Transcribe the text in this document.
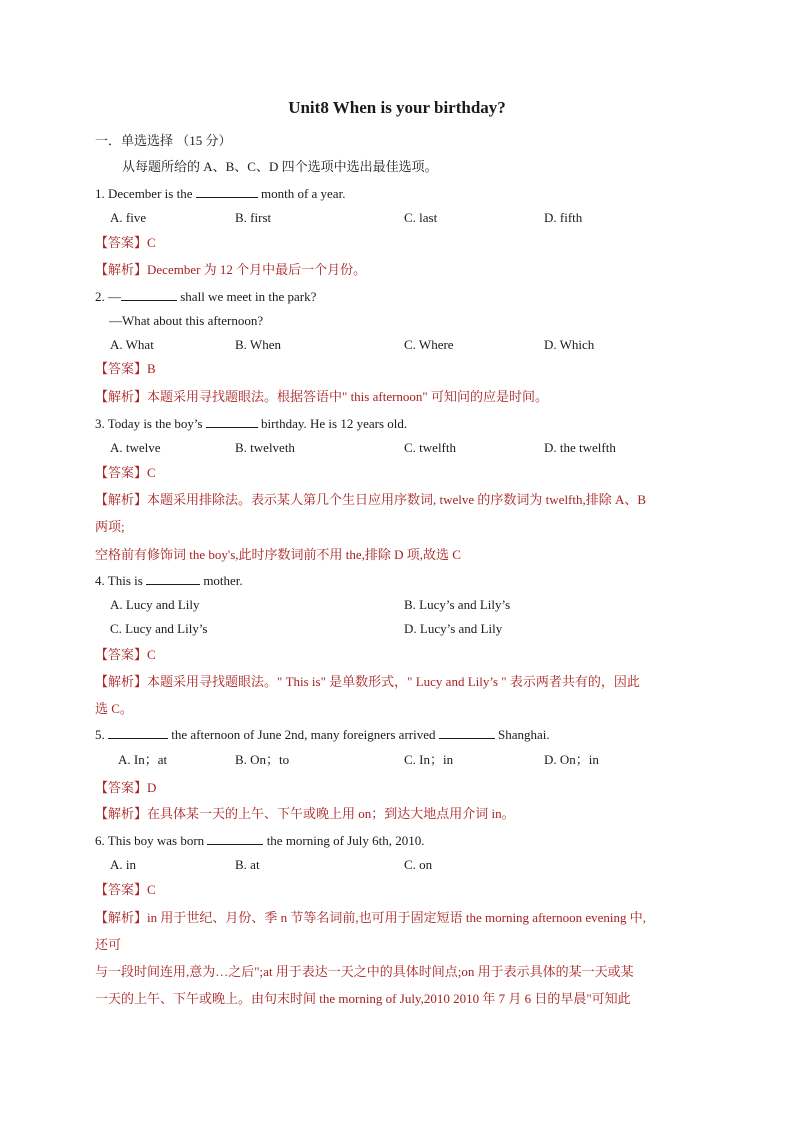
Unit8 When is your birthday?
一．单选选择 （15 分）
从每题所给的 A、B、C、D 四个选项中选出最佳选项。
1. December is the	month of a year.
A. five	B. first	C. last	D. fifth
【答案】C
【解析】December 为 12 个月中最后一个月份。
2. —	shall we meet in the park?
—What about this afternoon?
A. What	B. When	C. Where	D. Which
【答案】B
【解析】本题采用寻找题眼法。根据答语中" this afternoon" 可知问的应是时间。
3. Today is the boy’s	birthday. He is 12 years old.
A. twelve	B. twelveth	C. twelfth	D. the twelfth
【答案】C
【解析】本题采用排除法。表示某人第几个生日应用序数词, twelve 的序数词为 twelfth,排除 A、B
两项;
空格前有修饰词 the boy's,此时序数词前不用 the,排除 D 项,故选 C
4. This is	mother.
A. Lucy and Lily	B. Lucy’s and Lily’s
C. Lucy and Lily’s	D. Lucy’s and Lily
【答案】C
【解析】本题采用寻找题眼法。" This is" 是单数形式，" Lucy and Lily’s " 表示两者共有的，因此
选 C。
5.	the afternoon of June 2nd, many foreigners arrived	Shanghai.
A. In；at	B. On；to	C. In；in	D. On；in
【答案】D
【解析】在具体某一天的上午、下午或晚上用 on；到达大地点用介词 in。
6. This boy was born	the morning of July 6th, 2010.
A. in	B. at	C. on
【答案】C
【解析】in 用于世纪、月份、季 n 节等名词前,也可用于固定短语 the morning afternoon evening 中,
还可
与一段时间连用,意为…之后";at 用于表达一天之中的具体时间点;on 用于表示具体的某一天或某
一天的上午、下午或晚上。由句末时间 the morning of July,2010 2010 年 7 月 6 日的早晨"可知此
